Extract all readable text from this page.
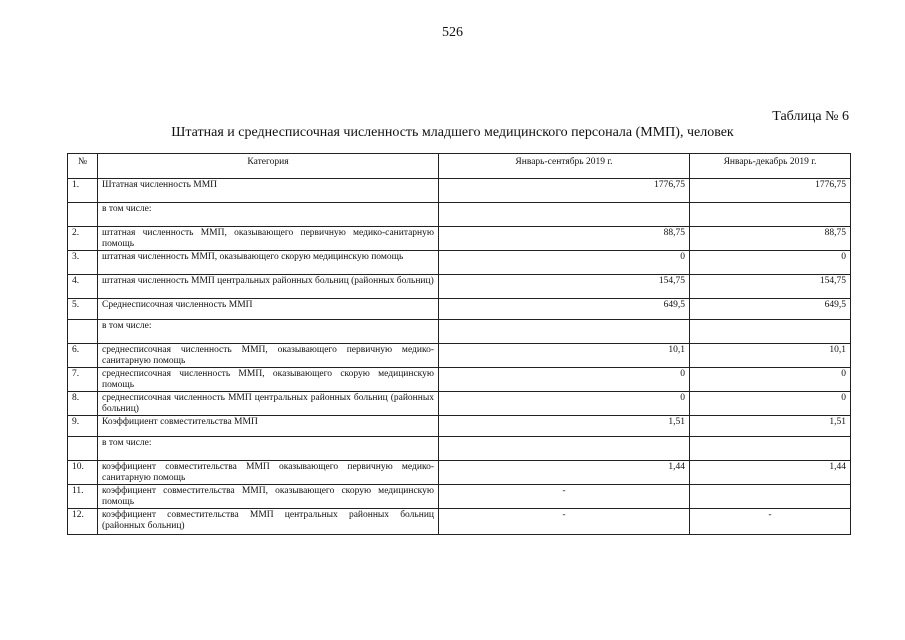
526
Таблица № 6
Штатная и среднесписочная численность младшего медицинского персонала (ММП), человек
№	Категория	Январь-сентябрь 2019 г.	Январь-декабрь 2019 г.
1.	Штатная численность ММП	1776,75	1776,75
	в том числе:		
2.	штатная численность ММП, оказывающего первичную медико-санитарную помощь	88,75	88,75
3.	штатная численность ММП, оказывающего скорую медицинскую помощь	0	0
4.	штатная численность ММП центральных районных больниц (районных больниц)	154,75	154,75
5.	Среднесписочная численность ММП	649,5	649,5
	в том числе:		
6.	среднесписочная численность ММП, оказывающего первичную медико-санитарную помощь	10,1	10,1
7.	среднесписочная численность ММП, оказывающего скорую медицинскую помощь	0	0
8.	среднесписочная численность ММП центральных районных больниц (районных больниц)	0	0
9.	Коэффициент совместительства ММП	1,51	1,51
	в том числе:		
10.	коэффициент совместительства ММП оказывающего первичную медико-санитарную помощь	1,44	1,44
11.	коэффициент совместительства ММП, оказывающего скорую медицинскую помощь	-	
12.	коэффициент совместительства ММП центральных районных больниц (районных больниц)	-	-
